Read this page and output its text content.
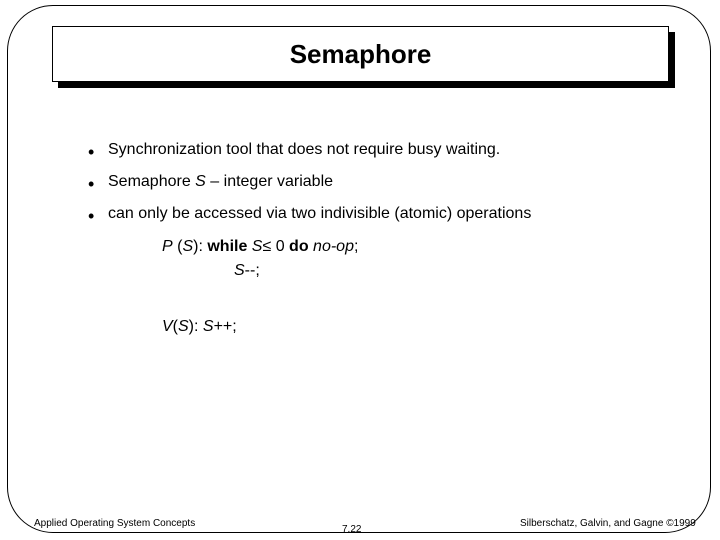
Semaphore
• Synchronization tool that does not require busy waiting.
• Semaphore S – integer variable
• can only be accessed via two indivisible (atomic) operations
P (S): while S≤ 0 do no-op;
S--;
V(S): S++;
Applied Operating System Concepts
7.22
Silberschatz, Galvin, and Gagne ©1999
